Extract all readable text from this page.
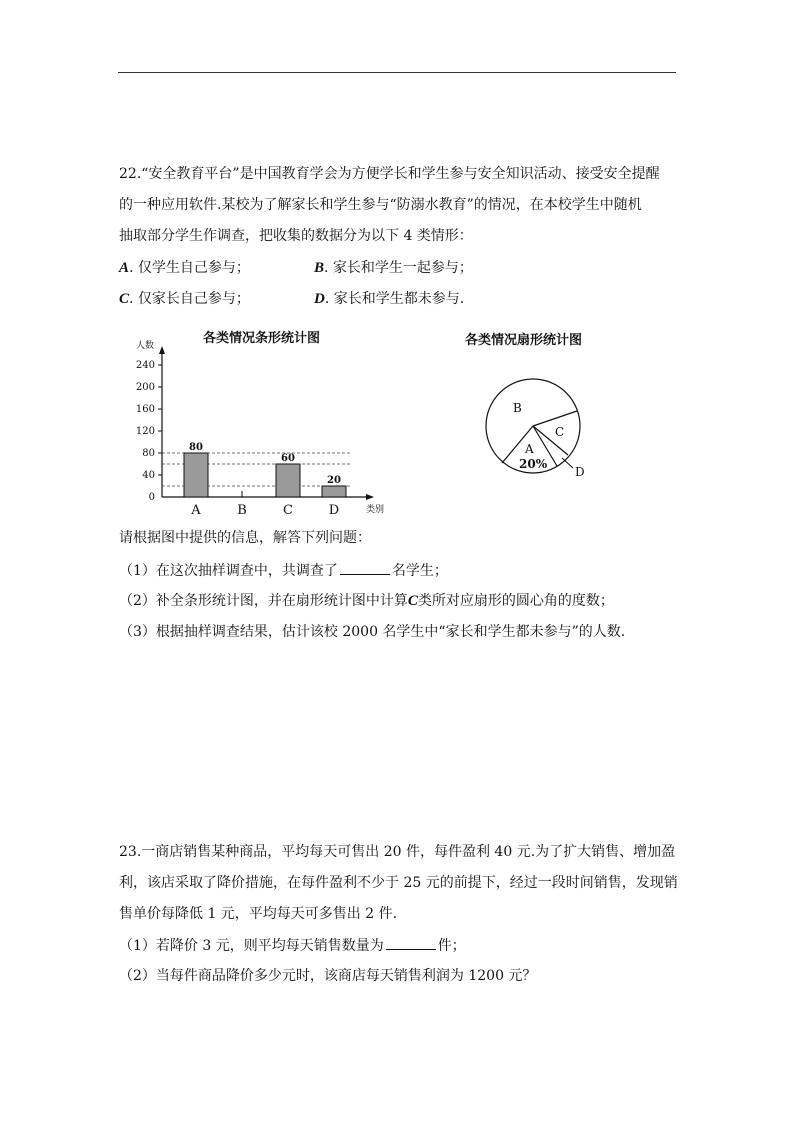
22.“安全教育平台”是中国教育学会为方便学长和学生参与安全知识活动、接受安全提醒
的一种应用软件.某校为了解家长和学生参与“防溺水教育”的情况，在本校学生中随机
抽取部分学生作调查，把收集的数据分为以下 4 类情形：
A. 仅学生自己参与；	B. 家长和学生一起参与；
C. 仅家长自己参与；	D. 家长和学生都未参与.
各类情况条形统计图
人数
类别
0
40
80
120
160
200
240
80
A	B
60
C
20
D
各类情况扇形统计图
B
C
A
20%
D
请根据图中提供的信息，解答下列问题：
（1）在这次抽样调查中，共调查了	名学生；
（2）补全条形统计图，并在扇形统计图中计算C类所对应扇形的圆心角的度数；
（3）根据抽样调查结果，估计该校 2000 名学生中“家长和学生都未参与”的人数.
23.一商店销售某种商品，平均每天可售出 20 件，每件盈利 40 元.为了扩大销售、增加盈
利，该店采取了降价措施，在每件盈利不少于 25 元的前提下，经过一段时间销售，发现销
售单价每降低 1 元，平均每天可多售出 2 件.
（1）若降价 3 元，则平均每天销售数量为	件；
（2）当每件商品降价多少元时，该商店每天销售利润为 1200 元？
